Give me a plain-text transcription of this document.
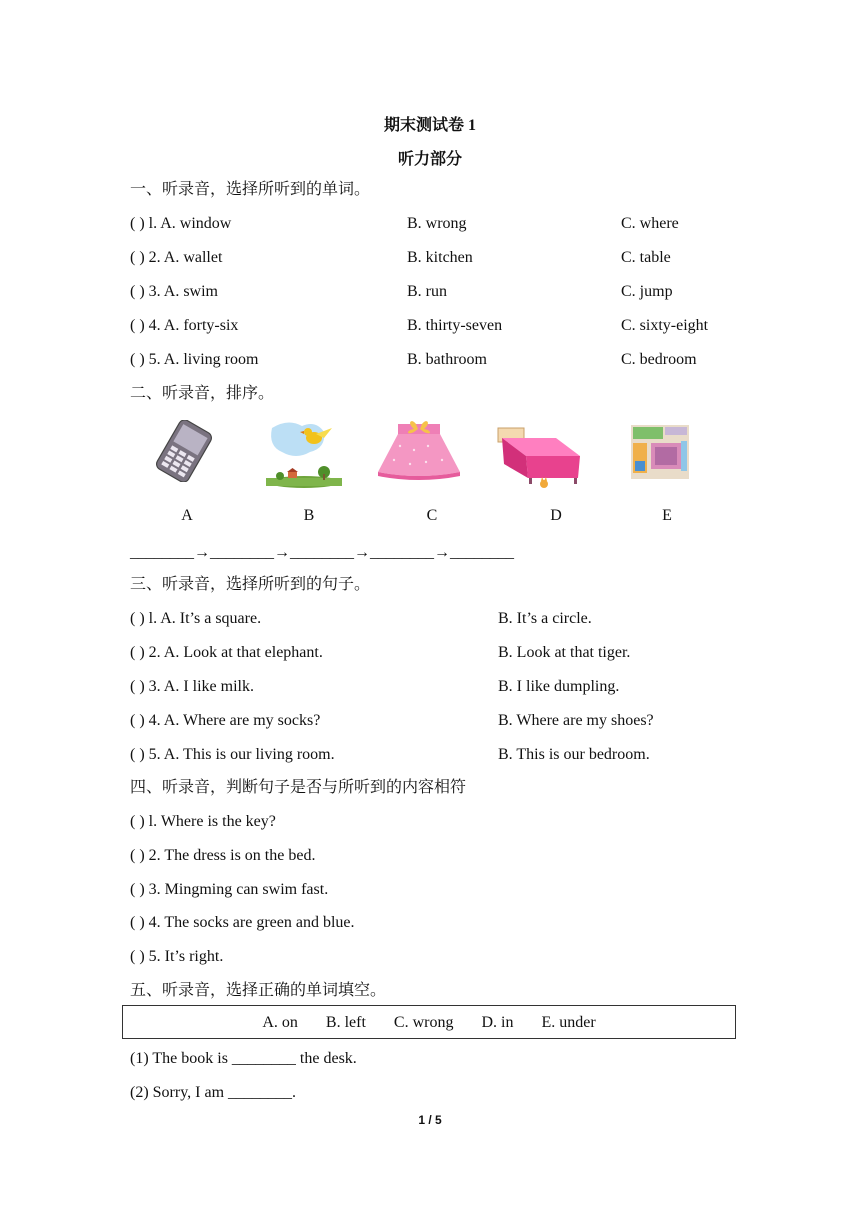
期末测试卷 1
听力部分
一、听录音，选择所听到的单词。
( ) l. A. window	B. wrong	C. where
( ) 2. A. wallet	B. kitchen	C. table
( ) 3. A. swim	B. run	C. jump
( ) 4. A. forty-six	B. thirty-seven	C. sixty-eight
( ) 5. A. living room	B. bathroom	C. bedroom
二、听录音，排序。
A	B	C	D	E
________→________→________→________→________
三、听录音，选择所听到的句子。
( ) l. A. It’s a square.	B. It’s a circle.
( ) 2. A. Look at that elephant.	B. Look at that tiger.
( ) 3. A. I like milk.	B. I like dumpling.
( ) 4. A. Where are my socks?	B. Where are my shoes?
( ) 5. A. This is our living room.	B. This is our bedroom.
四、听录音，判断句子是否与所听到的内容相符
( ) l. Where is the key?
( ) 2. The dress is on the bed.
( ) 3. Mingming can swim fast.
( ) 4. The socks are green and blue.
( ) 5. It’s right.
五、听录音，选择正确的单词填空。
A. on B. left C. wrong D. in E. under
(1) The book is ________ the desk.
(2) Sorry, I am ________.
1 / 5
